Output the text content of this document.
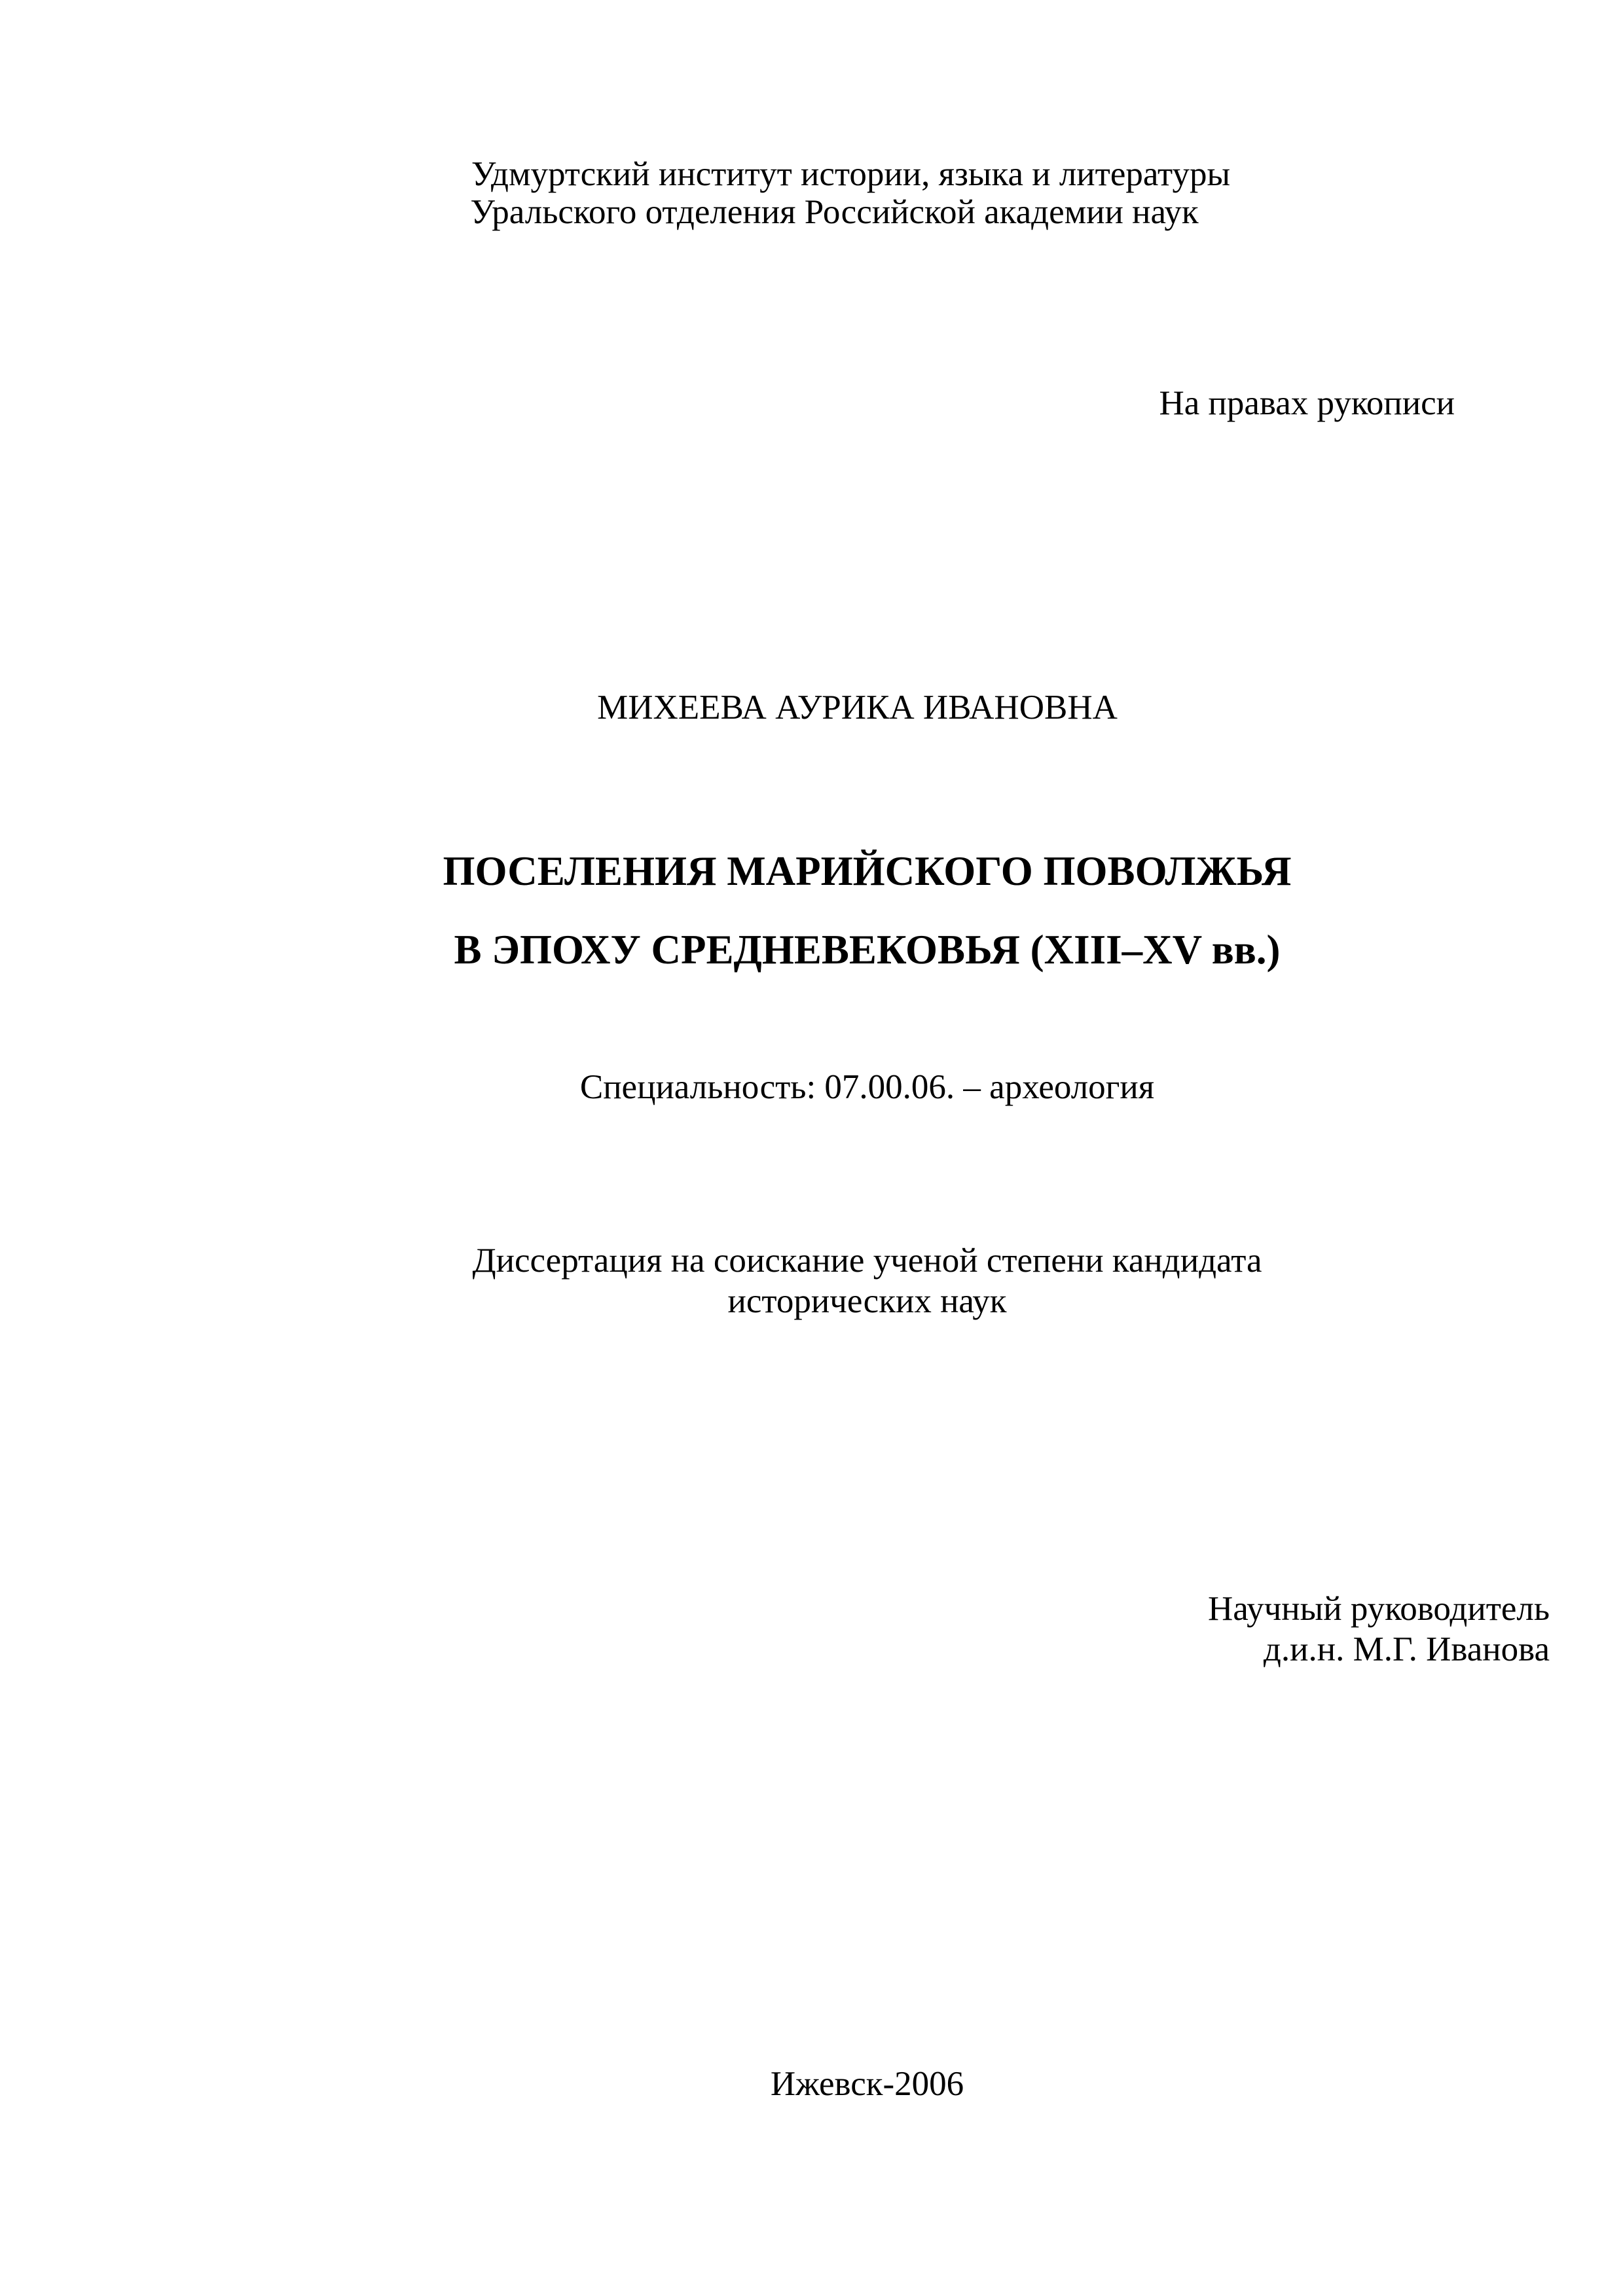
Удмуртский институт истории, языка и литературы

Уральского отделения Российской академии наук

На правах рукописи

МИХЕЕВА АУРИКА ИВАНОВНА

ПОСЕЛЕНИЯ МАРИЙСКОГО ПОВОЛЖЬЯ

В ЭПОХУ СРЕДНЕВЕКОВЬЯ (XIII–XV вв.)

Специальность: 07.00.06. – археология

Диссертация на соискание ученой степени кандидата

исторических наук

Научный руководитель

д.и.н. М.Г. Иванова

Ижевск-2006
